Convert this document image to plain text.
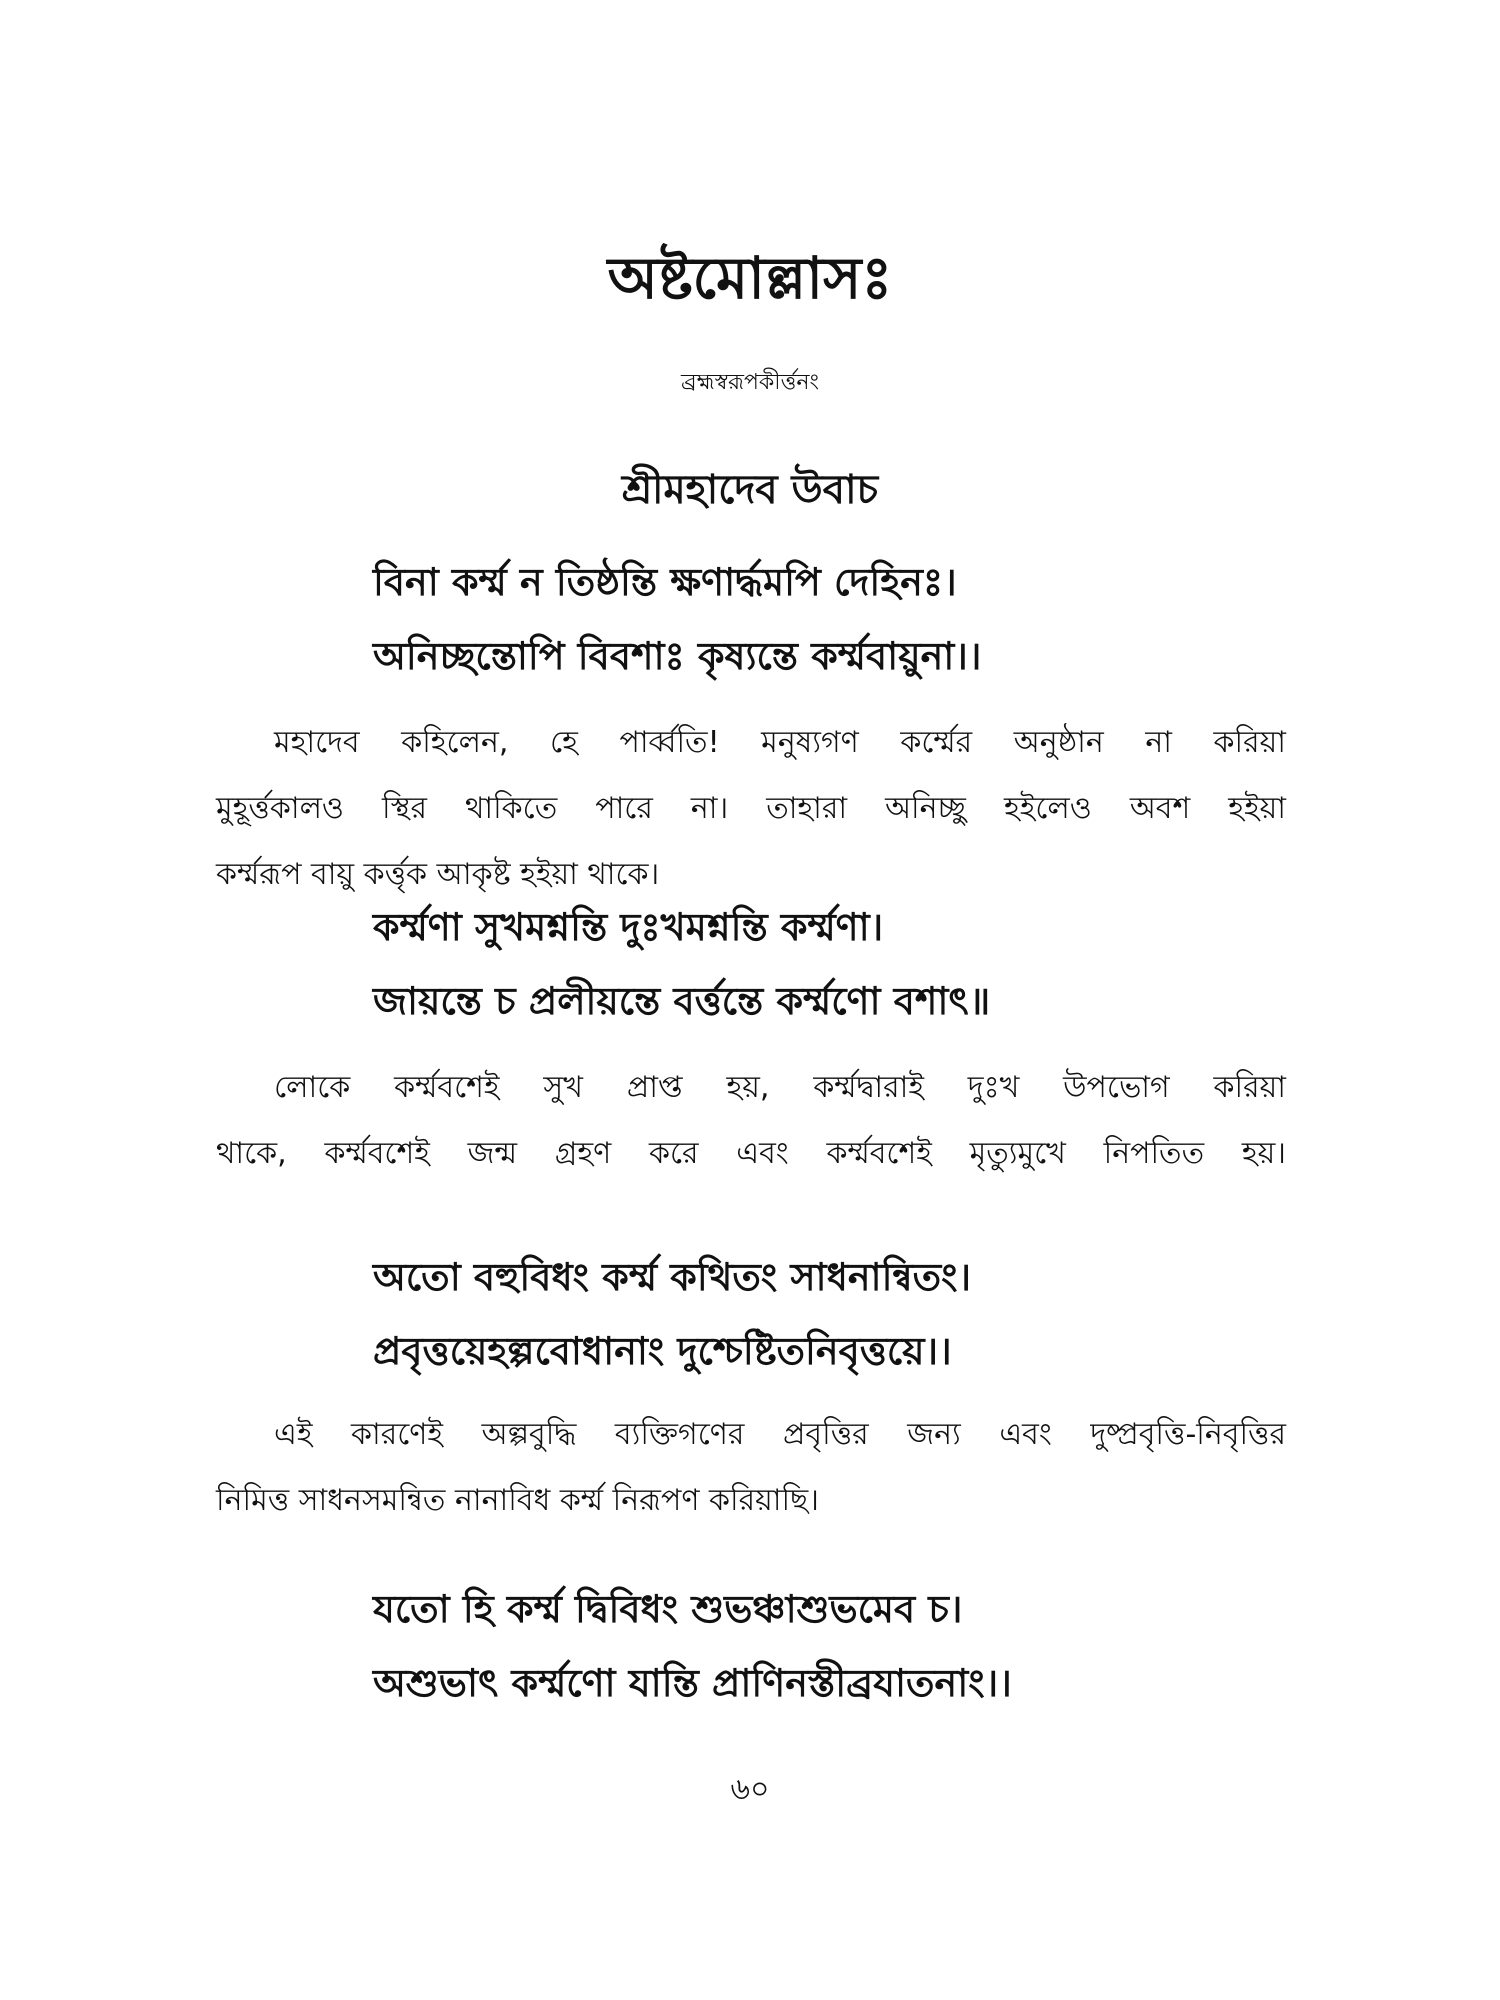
অষ্টমোল্লাসঃ

ব্রহ্মস্বরূপকীর্ত্তনং

শ্রীমহাদেব উবাচ
বিনা কর্ম্ম ন তিষ্ঠন্তি ক্ষণার্দ্ধমপি দেহিনঃ।
অনিচ্ছন্তোপি বিবশাঃ কৃষ্যন্তে কর্ম্মবায়ুনা।।
মহাদেব কহিলেন, হে পার্ব্বতি! মনুষ্যগণ কর্ম্মের অনুষ্ঠান না করিয়া
মুহূর্ত্তকালও স্থির থাকিতে পারে না। তাহারা অনিচ্ছু হইলেও অবশ হইয়া
কর্ম্মরূপ বায়ু কর্ত্তৃক আকৃষ্ট হইয়া থাকে।
কর্ম্মণা সুখমশ্নন্তি দুঃখমশ্নন্তি কর্ম্মণা।
জায়ন্তে চ প্রলীয়ন্তে বর্ত্তন্তে কর্ম্মণো বশাৎ॥
লোকে কর্ম্মবশেই সুখ প্রাপ্ত হয়, কর্ম্মদ্বারাই দুঃখ উপভোগ করিয়া
থাকে, কর্ম্মবশেই জন্ম গ্রহণ করে এবং কর্ম্মবশেই মৃত্যুমুখে নিপতিত হয়।
অতো বহুবিধং কর্ম্ম কথিতং সাধনান্বিতং।
প্রবৃত্তয়েহল্পবোধানাং দুশ্চেষ্টিতনিবৃত্তয়ে।।
এই কারণেই অল্পবুদ্ধি ব্যক্তিগণের প্রবৃত্তির জন্য এবং দুষ্প্রবৃত্তি-নিবৃত্তির
নিমিত্ত সাধনসমন্বিত নানাবিধ কর্ম্ম নিরূপণ করিয়াছি।
যতো হি কর্ম্ম দ্বিবিধং শুভঞ্চাশুভমেব চ।
অশুভাৎ কর্ম্মণো যান্তি প্রাণিনস্তীব্রযাতনাং।।

৬০
